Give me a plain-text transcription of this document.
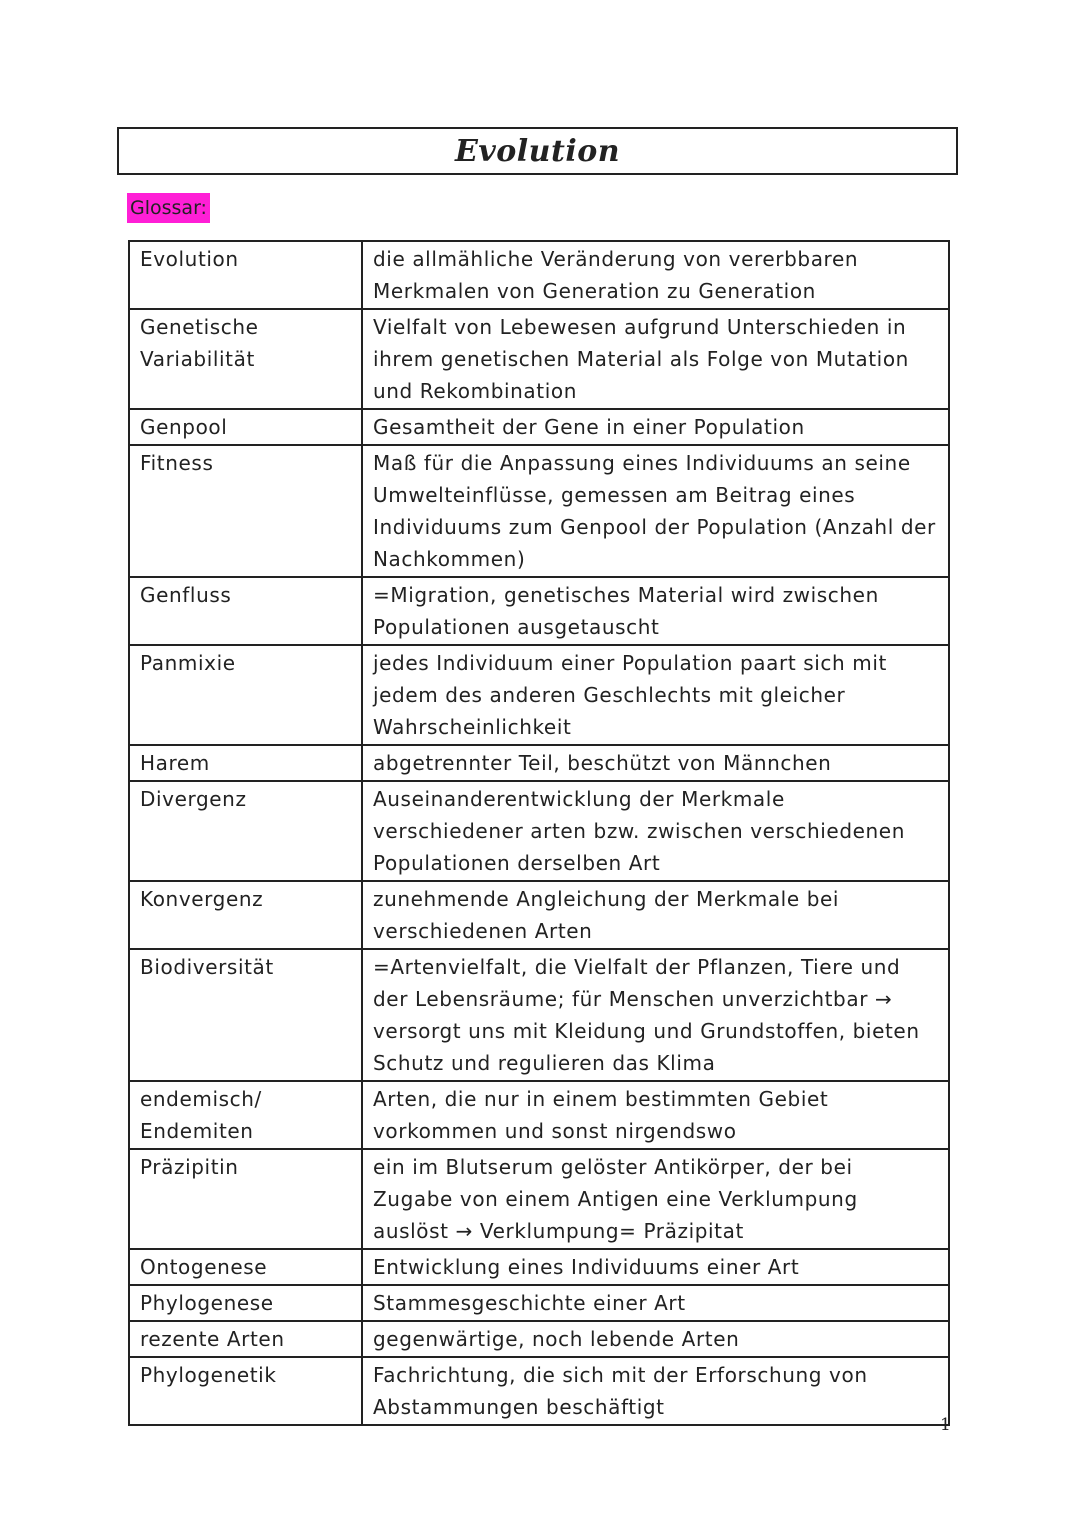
Evolution
Glossar:
Evolution	die allmähliche Veränderung von vererbbaren Merkmalen von Generation zu Generation
Genetische Variabilität	Vielfalt von Lebewesen aufgrund Unterschieden in ihrem genetischen Material als Folge von Mutation und Rekombination
Genpool	Gesamtheit der Gene in einer Population
Fitness	Maß für die Anpassung eines Individuums an seine Umwelteinflüsse, gemessen am Beitrag eines Individuums zum Genpool der Population (Anzahl der Nachkommen)
Genfluss	=Migration, genetisches Material wird zwischen Populationen ausgetauscht
Panmixie	jedes Individuum einer Population paart sich mit jedem des anderen Geschlechts mit gleicher Wahrscheinlichkeit
Harem	abgetrennter Teil, beschützt von Männchen
Divergenz	Auseinanderentwicklung der Merkmale verschiedener arten bzw. zwischen verschiedenen Populationen derselben Art
Konvergenz	zunehmende Angleichung der Merkmale bei verschiedenen Arten
Biodiversität	=Artenvielfalt, die Vielfalt der Pflanzen, Tiere und der Lebensräume; für Menschen unverzichtbar → versorgt uns mit Kleidung und Grundstoffen, bieten Schutz und regulieren das Klima
endemisch/ Endemiten	Arten, die nur in einem bestimmten Gebiet vorkommen und sonst nirgendswo
Präzipitin	ein im Blutserum gelöster Antikörper, der bei Zugabe von einem Antigen eine Verklumpung auslöst → Verklumpung= Präzipitat
Ontogenese	Entwicklung eines Individuums einer Art
Phylogenese	Stammesgeschichte einer Art
rezente Arten	gegenwärtige, noch lebende Arten
Phylogenetik	Fachrichtung, die sich mit der Erforschung von Abstammungen beschäftigt
1
